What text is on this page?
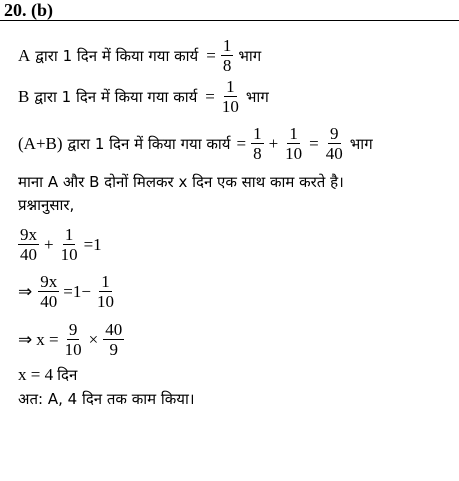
20. (b)
A द्वारा 1 दिन में किया गया कार्य = $\frac{1}{8}$ भाग
B द्वारा 1 दिन में किया गया कार्य = $\frac{1}{10}$ भाग
(A+B) द्वारा 1 दिन में किया गया कार्य = $\frac{1}{8} + \frac{1}{10} = \frac{9}{40}$ भाग
माना A और B दोनों मिलकर x दिन एक साथ काम करते है।
प्रश्नानुसार,
$\frac{9x}{40} + \frac{1}{10} =1$
⇒ $\frac{9x}{40} =1- \frac{1}{10}$
⇒ $x = \frac{9}{10} \times \frac{40}{9}$
x = 4 दिन
अत: A, 4 दिन तक काम किया।
